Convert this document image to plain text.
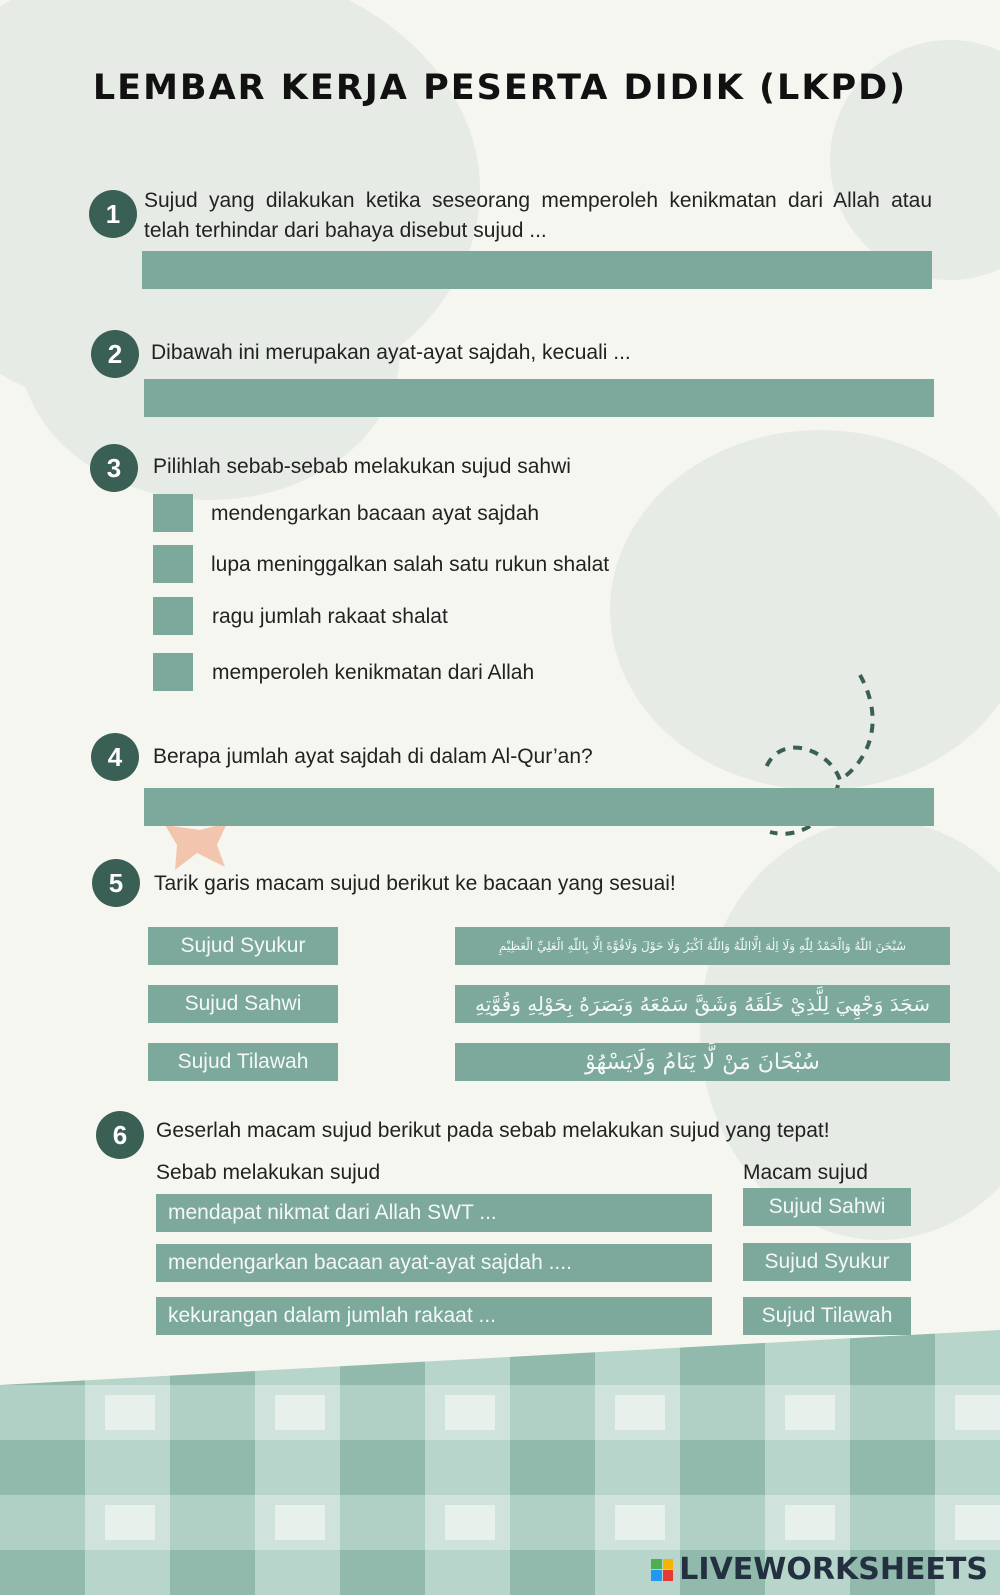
LEMBAR KERJA PESERTA DIDIK (LKPD)
1	Sujud yang dilakukan ketika seseorang memperoleh kenikmatan dari Allah atau telah terhindar dari bahaya disebut sujud ...
2	Dibawah ini merupakan ayat-ayat sajdah, kecuali ...
3	Pilihlah sebab-sebab melakukan sujud sahwi
mendengarkan bacaan ayat sajdah
lupa meninggalkan salah satu rukun shalat
ragu jumlah rakaat shalat
memperoleh kenikmatan dari Allah
4	Berapa jumlah ayat sajdah di dalam Al-Qur’an?
5	Tarik garis macam sujud berikut ke bacaan yang sesuai!
Sujud Syukur
Sujud Sahwi
Sujud Tilawah
سُبْحَنَ اللّٰهُ وَالْحَمْدُ لِلّٰهِ وَلَا اِلٰهَ اِلَّااللّٰهُ وَاللّٰهُ اَكْبَرُ وَلَا حَوْلَ وَلَاقُوَّةَ اِلَّا بِاللّٰهِ الْعَلِيِّ الْعَظِيْمِ
سَجَدَ وَجْهِيَ لِلَّذِيْ خَلَقَهُ وَشَقَّ سَمْعَهُ وَبَصَرَهُ بِحَوْلِهِ وَقُوَّتِهِ
سُبْحَانَ مَنْ لَّا يَنَامُ وَلَايَسْهُوْ
6	Geserlah macam sujud berikut pada sebab melakukan sujud yang tepat!
Sebab melakukan sujud	Macam sujud
mendapat nikmat dari Allah SWT ...
mendengarkan bacaan ayat-ayat sajdah ....
kekurangan dalam jumlah rakaat ...
Sujud Sahwi
Sujud Syukur
Sujud Tilawah
LIVEWORKSHEETS
